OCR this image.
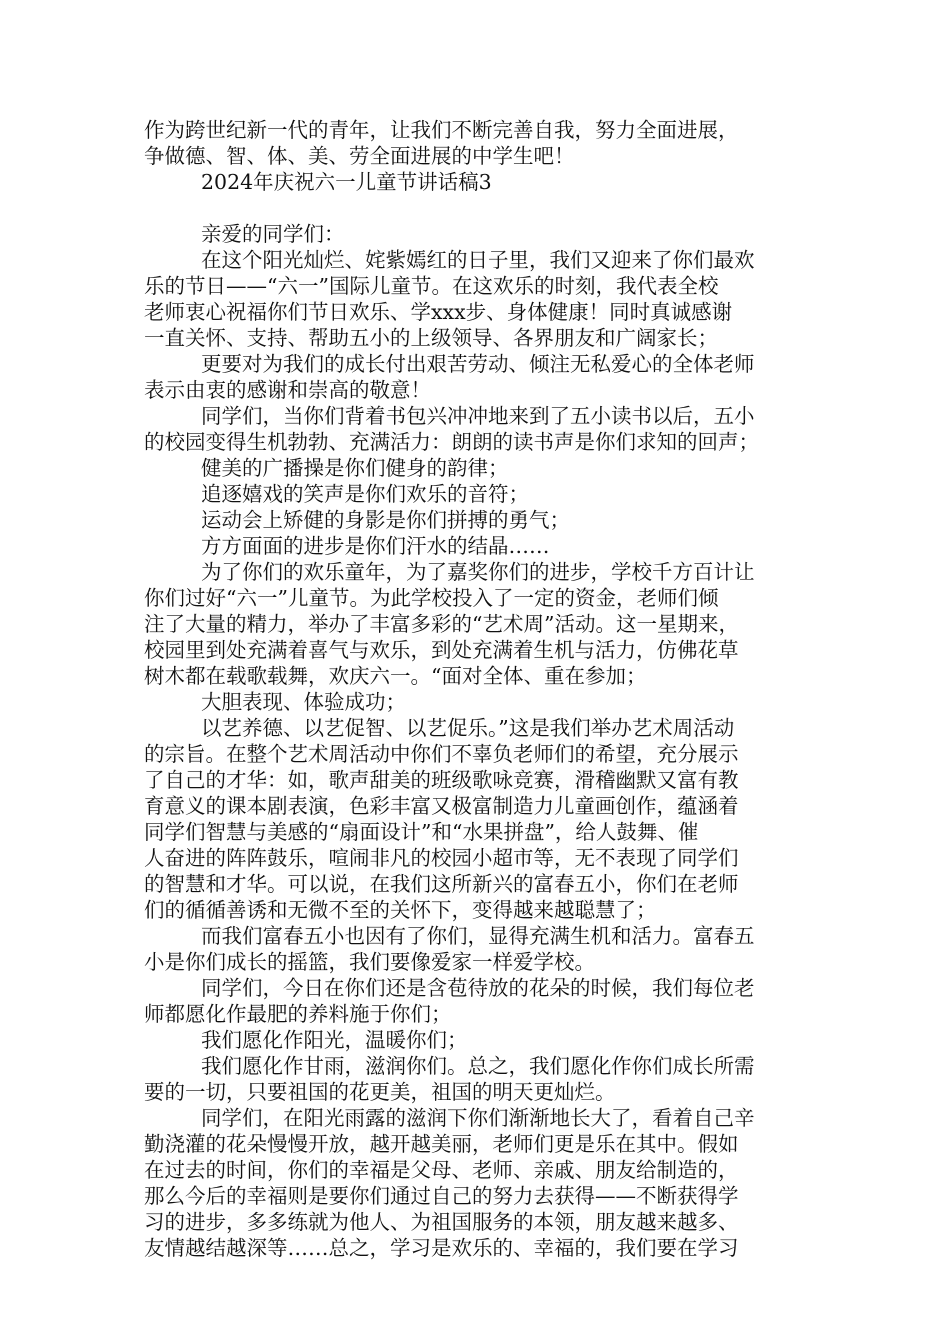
作为跨世纪新一代的青年，让我们不断完善自我，努力全面进展，
争做德、智、体、美、劳全面进展的中学生吧！
2024年庆祝六一儿童节讲话稿3
亲爱的同学们：
在这个阳光灿烂、姹紫嫣红的日子里，我们又迎来了你们最欢
乐的节日——“六一”国际儿童节。在这欢乐的时刻，我代表全校
老师衷心祝福你们节日欢乐、学xxx步、身体健康！同时真诚感谢
一直关怀、支持、帮助五小的上级领导、各界朋友和广阔家长；
更要对为我们的成长付出艰苦劳动、倾注无私爱心的全体老师
表示由衷的感谢和崇高的敬意！
同学们，当你们背着书包兴冲冲地来到了五小读书以后，五小
的校园变得生机勃勃、充满活力：朗朗的读书声是你们求知的回声；
健美的广播操是你们健身的韵律；
追逐嬉戏的笑声是你们欢乐的音符；
运动会上矫健的身影是你们拼搏的勇气；
方方面面的进步是你们汗水的结晶……
为了你们的欢乐童年，为了嘉奖你们的进步，学校千方百计让
你们过好“六一”儿童节。为此学校投入了一定的资金，老师们倾
注了大量的精力，举办了丰富多彩的“艺术周”活动。这一星期来，
校园里到处充满着喜气与欢乐，到处充满着生机与活力，仿佛花草
树木都在载歌载舞，欢庆六一。“面对全体、重在参加；
大胆表现、体验成功；
以艺养德、以艺促智、以艺促乐。”这是我们举办艺术周活动
的宗旨。在整个艺术周活动中你们不辜负老师们的希望，充分展示
了自己的才华：如，歌声甜美的班级歌咏竞赛，滑稽幽默又富有教
育意义的课本剧表演，色彩丰富又极富制造力儿童画创作，蕴涵着
同学们智慧与美感的“扇面设计”和“水果拼盘”，给人鼓舞、催
人奋进的阵阵鼓乐，喧闹非凡的校园小超市等，无不表现了同学们
的智慧和才华。可以说，在我们这所新兴的富春五小，你们在老师
们的循循善诱和无微不至的关怀下，变得越来越聪慧了；
而我们富春五小也因有了你们，显得充满生机和活力。富春五
小是你们成长的摇篮，我们要像爱家一样爱学校。
同学们，今日在你们还是含苞待放的花朵的时候，我们每位老
师都愿化作最肥的养料施于你们；
我们愿化作阳光，温暖你们；
我们愿化作甘雨，滋润你们。总之，我们愿化作你们成长所需
要的一切，只要祖国的花更美，祖国的明天更灿烂。
同学们，在阳光雨露的滋润下你们渐渐地长大了，看着自己辛
勤浇灌的花朵慢慢开放，越开越美丽，老师们更是乐在其中。假如
在过去的时间，你们的幸福是父母、老师、亲戚、朋友给制造的，
那么今后的幸福则是要你们通过自己的努力去获得——不断获得学
习的进步，多多练就为他人、为祖国服务的本领，朋友越来越多、
友情越结越深等……总之，学习是欢乐的、幸福的，我们要在学习
